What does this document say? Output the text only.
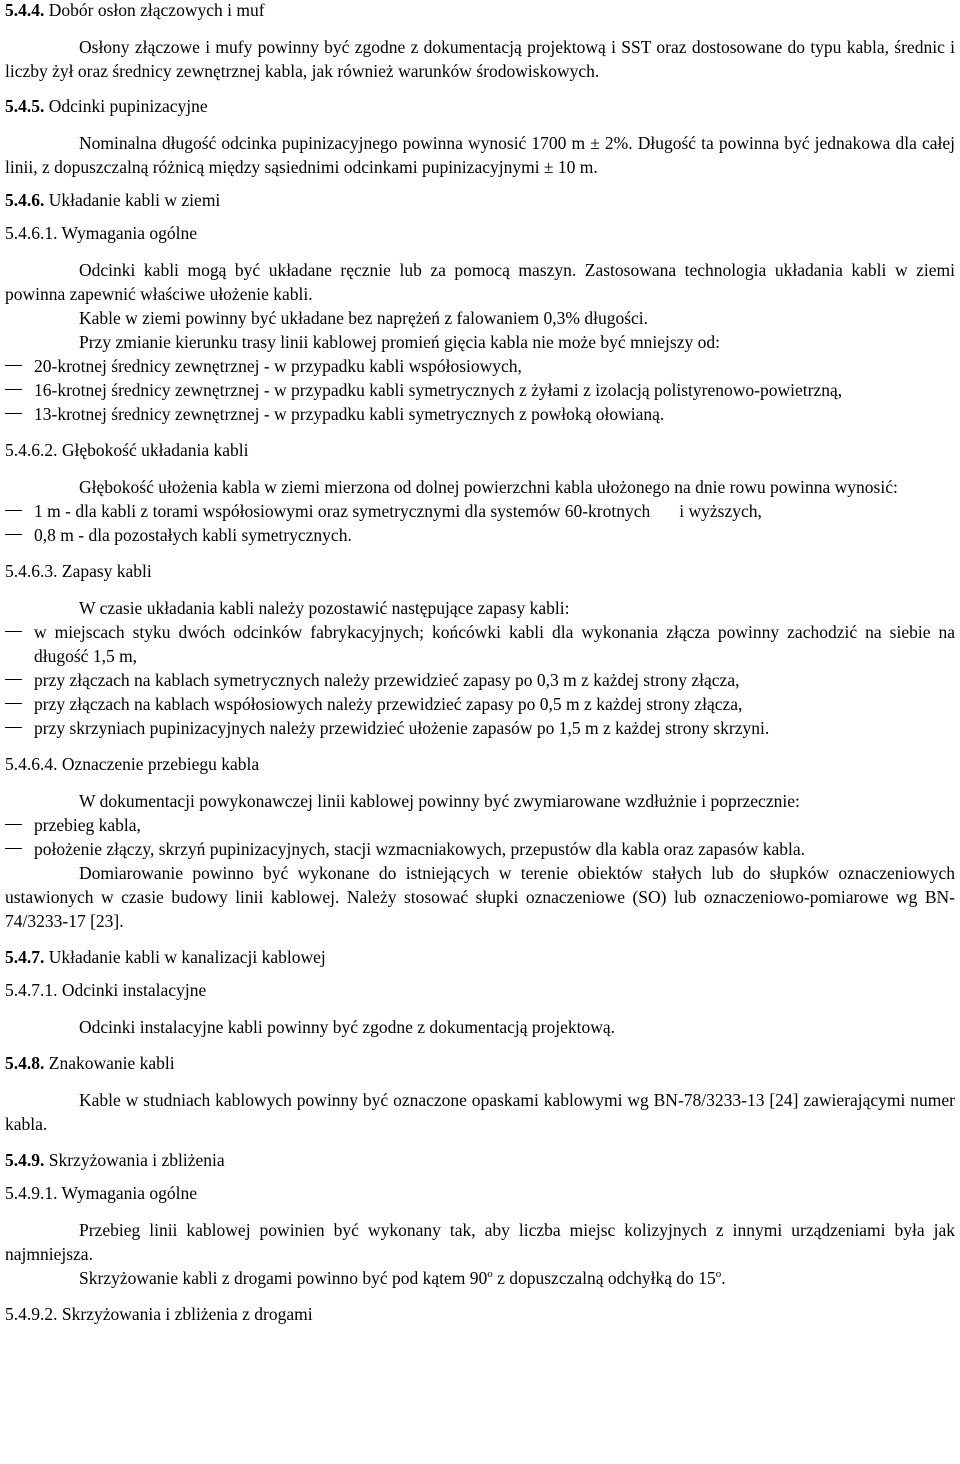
5.4.4. Dobór osłon złączowych i muf

Osłony złączowe i mufy powinny być zgodne z dokumentacją projektową i SST oraz dostosowane do typu kabla, średnic i liczby żył oraz średnicy zewnętrznej kabla, jak również warunków środowiskowych.

5.4.5. Odcinki pupinizacyjne

Nominalna długość odcinka pupinizacyjnego powinna wynosić 1700 m ± 2%. Długość ta powinna być jednakowa dla całej linii, z dopuszczalną różnicą między sąsiednimi odcinkami pupinizacyjnymi ± 10 m.

5.4.6. Układanie kabli w ziemi

5.4.6.1. Wymagania ogólne

Odcinki kabli mogą być układane ręcznie lub za pomocą maszyn. Zastosowana technologia układania kabli w ziemi powinna zapewnić właściwe ułożenie kabli.

Kable w ziemi powinny być układane bez naprężeń z falowaniem 0,3% długości.

Przy zmianie kierunku trasy linii kablowej promień gięcia kabla nie może być mniejszy od:

20-krotnej średnicy zewnętrznej - w przypadku kabli współosiowych,
16-krotnej średnicy zewnętrznej - w przypadku kabli symetrycznych z żyłami z izolacją polistyrenowo-powietrzną,
13-krotnej średnicy zewnętrznej - w przypadku kabli symetrycznych z powłoką ołowianą.

5.4.6.2. Głębokość układania kabli

Głębokość ułożenia kabla w ziemi mierzona od dolnej powierzchni kabla ułożonego na dnie rowu powinna wynosić:

1 m - dla kabli z torami współosiowymi oraz symetrycznymi dla systemów 60-krotnych i wyższych,
0,8 m - dla pozostałych kabli symetrycznych.

5.4.6.3. Zapasy kabli

W czasie układania kabli należy pozostawić następujące zapasy kabli:

w miejscach styku dwóch odcinków fabrykacyjnych; końcówki kabli dla wykonania złącza powinny zachodzić na siebie na długość 1,5 m,
przy złączach na kablach symetrycznych należy przewidzieć zapasy po 0,3 m z każdej strony złącza,
przy złączach na kablach współosiowych należy przewidzieć zapasy po 0,5 m z każdej strony złącza,
przy skrzyniach pupinizacyjnych należy przewidzieć ułożenie zapasów po 1,5 m z każdej strony skrzyni.

5.4.6.4. Oznaczenie przebiegu kabla

W dokumentacji powykonawczej linii kablowej powinny być zwymiarowane wzdłużnie i poprzecznie:

przebieg kabla,
położenie złączy, skrzyń pupinizacyjnych, stacji wzmacniakowych, przepustów dla kabla oraz zapasów kabla.

Domiarowanie powinno być wykonane do istniejących w terenie obiektów stałych lub do słupków oznaczeniowych ustawionych w czasie budowy linii kablowej. Należy stosować słupki oznaczeniowe (SO) lub oznaczeniowo-pomiarowe wg BN-74/3233-17 [23].

5.4.7. Układanie kabli w kanalizacji kablowej

5.4.7.1. Odcinki instalacyjne

Odcinki instalacyjne kabli powinny być zgodne z dokumentacją projektową.

5.4.8. Znakowanie kabli

Kable w studniach kablowych powinny być oznaczone opaskami kablowymi wg BN-78/3233-13 [24] zawierającymi numer kabla.

5.4.9. Skrzyżowania i zbliżenia

5.4.9.1. Wymagania ogólne

Przebieg linii kablowej powinien być wykonany tak, aby liczba miejsc kolizyjnych z innymi urządzeniami była jak najmniejsza.

Skrzyżowanie kabli z drogami powinno być pod kątem 90$^o$ z dopuszczalną odchyłką do 15$^o$.

5.4.9.2. Skrzyżowania i zbliżenia z drogami
